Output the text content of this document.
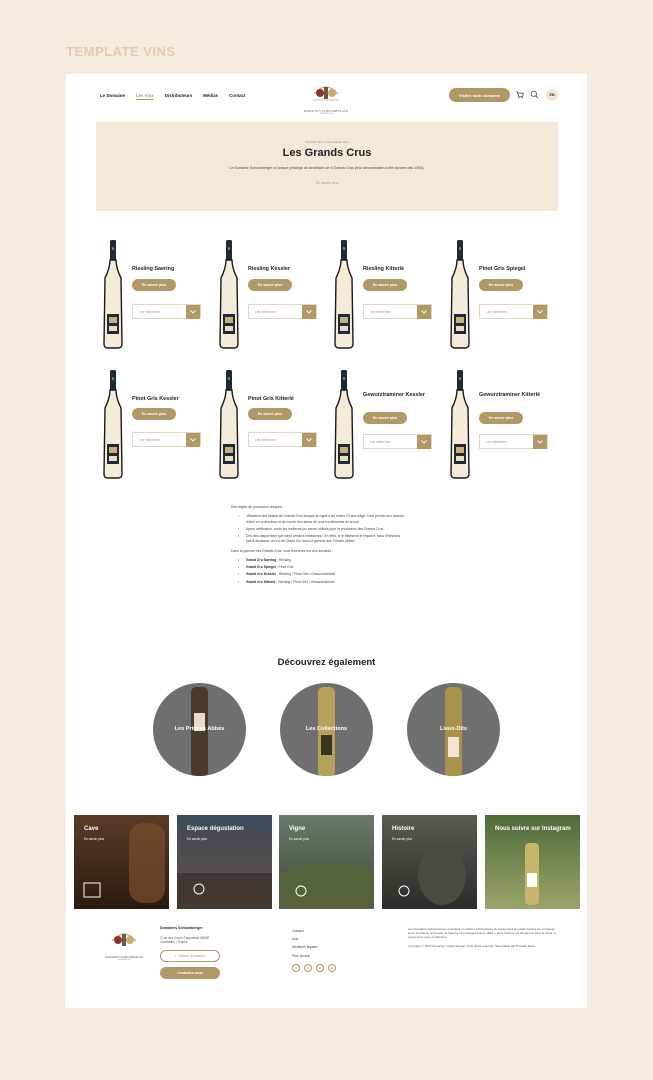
TEMPLATE VINS
Le Domaine	Les Vins	Distributeurs	Médias	Contact
DOMAINES SCHLUMBERGER
GUEBWILLER
Visitez notre domaine	EN
Accueil / Vins / Les Grands Crus
Les Grands Crus

Le Domaine Schlumberger a l'unique privilège de bénéficier de 4 Grands Crus (leur dénomination a été donnée dès 1983).

En savoir plus
Riesling Saering
En savoir plus
Les millésimes
Riesling Kessler
En savoir plus
Les millésimes
Riesling Kitterlé
En savoir plus
Les millésimes
Pinot Gris Spiegel
En savoir plus
Les millésimes
Pinot Gris Kessler
En savoir plus
Les millésimes
Pinot Gris Kitterlé
En savoir plus
Les millésimes
Gewurztraminer Kessler
En savoir plus
Les millésimes
Gewurztraminer Kitterlé
En savoir plus
Les millésimes

Des règles de production uniques :

• Utilisation des raisins de Grands Crus lorsque la vigne a au moins 10 ans d'âge. Cela permet aux racines d'aller en profondeur et de nourrir les raisins de tous les éléments du terroir.
• Après vérification, seuls les meilleurs jus seront utilisés pour la production des Grands Crus.
• Des vins disponibles que dans certains millésimes ! En effet, si le millésime le requiert, nous n'hésitons pas à déclasser un vin de Grand Cru dans la gamme des Princes Abbés.

Dans la gamme des Grands Crus, vous trouverez les vins suivants :

• Grand Cru Saering : Riesling
• Grand Cru Spiegel : Pinot Gris
• Grand Cru Kessler : Riesling / Pinot Gris / Gewurztraminer
• Grand Cru Kitterlé : Riesling / Pinot Gris / Gewurztraminer
Découvrez également
Les Princes Abbés	Les Collections	Lieux-Dits
Cave
En savoir plus
Espace dégustation
En savoir plus
Vigne
En savoir plus
Histoire
En savoir plus
Nous suivre sur Instagram
DOMAINES SCHLUMBERGER
GUEBWILLER
Domaines Schlumberger
2 rue des Cours Poppolinier 68500 Guebwiller / France
⌖ Afficher la question
Contactez-nous
Contact
Avis
Mentions légales
Plan du site
f	◎	in	▶

Les Domaines Schlumberger exploitent et vinifient 130 hectares de vignes dont la moitié répartis sur 4 Grands Crus, le Kitterlé, le Kessler, le Saering et le Spiegel depuis 1810. L'abus d'alcool est dangereux pour la santé. À consommer avec modération.

Copyright © 2023 Domaines Schlumberger. Tous droits réservés. Site réalisé par Prosdito Mava.
